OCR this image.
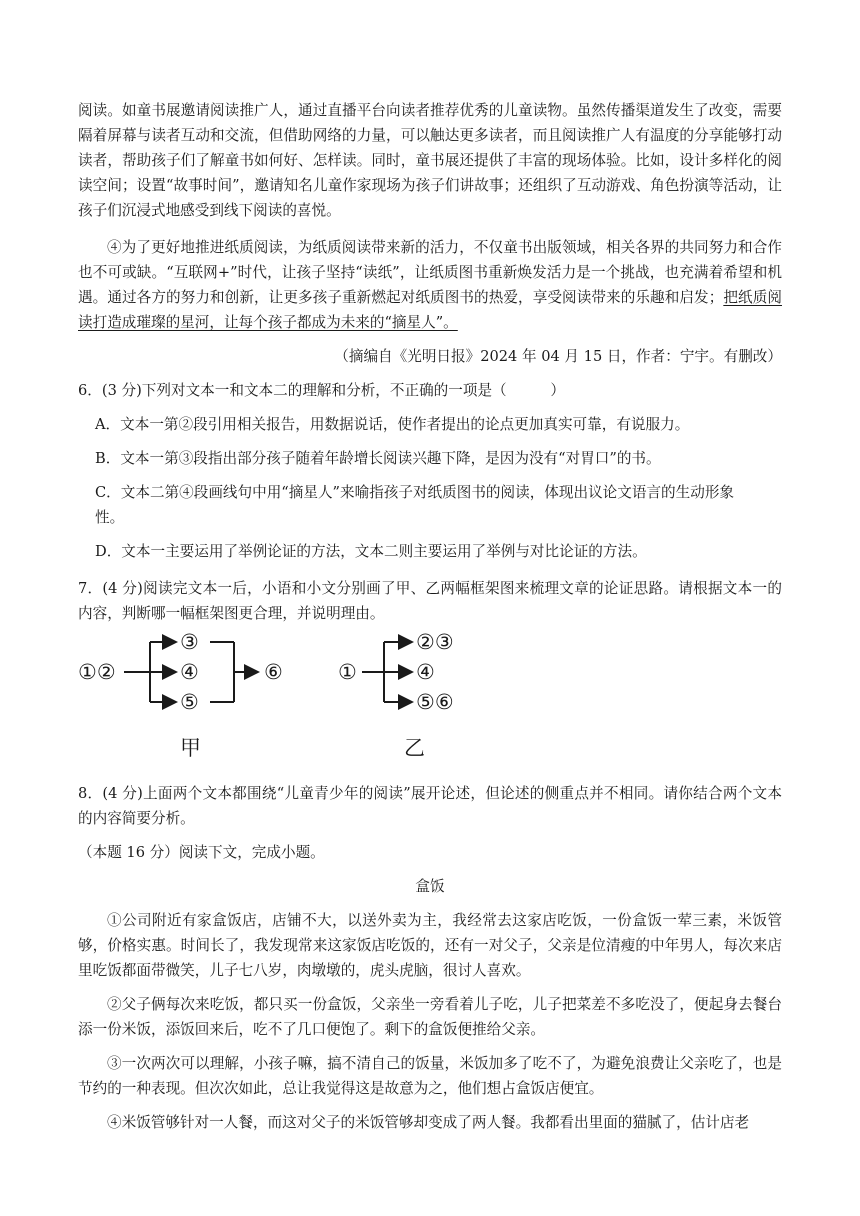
阅读。如童书展邀请阅读推广人，通过直播平台向读者推荐优秀的儿童读物。虽然传播渠道发生了改变，需要隔着屏幕与读者互动和交流，但借助网络的力量，可以触达更多读者，而且阅读推广人有温度的分享能够打动读者，帮助孩子们了解童书如何好、怎样读。同时，童书展还提供了丰富的现场体验。比如，设计多样化的阅读空间；设置“故事时间”，邀请知名儿童作家现场为孩子们讲故事；还组织了互动游戏、角色扮演等活动，让孩子们沉浸式地感受到线下阅读的喜悦。

④为了更好地推进纸质阅读，为纸质阅读带来新的活力，不仅童书出版领域，相关各界的共同努力和合作也不可或缺。“互联网+”时代，让孩子坚持“读纸”，让纸质图书重新焕发活力是一个挑战，也充满着希望和机遇。通过各方的努力和创新，让更多孩子重新燃起对纸质图书的热爱，享受阅读带来的乐趣和启发；把纸质阅读打造成璀璨的星河，让每个孩子都成为未来的“摘星人”。

（摘编自《光明日报》2024 年 04 月 15 日，作者：宁宇。有删改）

6．(3 分)下列对文本一和文本二的理解和分析，不正确的一项是（　　　）

A．文本一第②段引用相关报告，用数据说话，使作者提出的论点更加真实可靠，有说服力。

B．文本一第③段指出部分孩子随着年龄增长阅读兴趣下降，是因为没有“对胃口”的书。

C．文本二第④段画线句中用“摘星人”来喻指孩子对纸质图书的阅读，体现出议论文语言的生动形象

性。

D．文本一主要运用了举例论证的方法，文本二则主要运用了举例与对比论证的方法。

7．(4 分)阅读完文本一后，小语和小文分别画了甲、乙两幅框架图来梳理文章的论证思路。请根据文本一的内容，判断哪一幅框架图更合理，并说明理由。

①②
③
④
⑤
⑥
甲
①
②③
④
⑤⑥
乙

8．(4 分)上面两个文本都围绕“儿童青少年的阅读”展开论述，但论述的侧重点并不相同。请你结合两个文本的内容简要分析。

（本题 16 分）阅读下文，完成小题。

盒饭

①公司附近有家盒饭店，店铺不大，以送外卖为主，我经常去这家店吃饭，一份盒饭一荤三素，米饭管够，价格实惠。时间长了，我发现常来这家饭店吃饭的，还有一对父子，父亲是位清瘦的中年男人，每次来店里吃饭都面带微笑，儿子七八岁，肉墩墩的，虎头虎脑，很讨人喜欢。

②父子俩每次来吃饭，都只买一份盒饭，父亲坐一旁看着儿子吃，儿子把菜差不多吃没了，便起身去餐台添一份米饭，添饭回来后，吃不了几口便饱了。剩下的盒饭便推给父亲。

③一次两次可以理解，小孩子嘛，搞不清自己的饭量，米饭加多了吃不了，为避免浪费让父亲吃了，也是节约的一种表现。但次次如此，总让我觉得这是故意为之，他们想占盒饭店便宜。

④米饭管够针对一人餐，而这对父子的米饭管够却变成了两人餐。我都看出里面的猫腻了，估计店老
